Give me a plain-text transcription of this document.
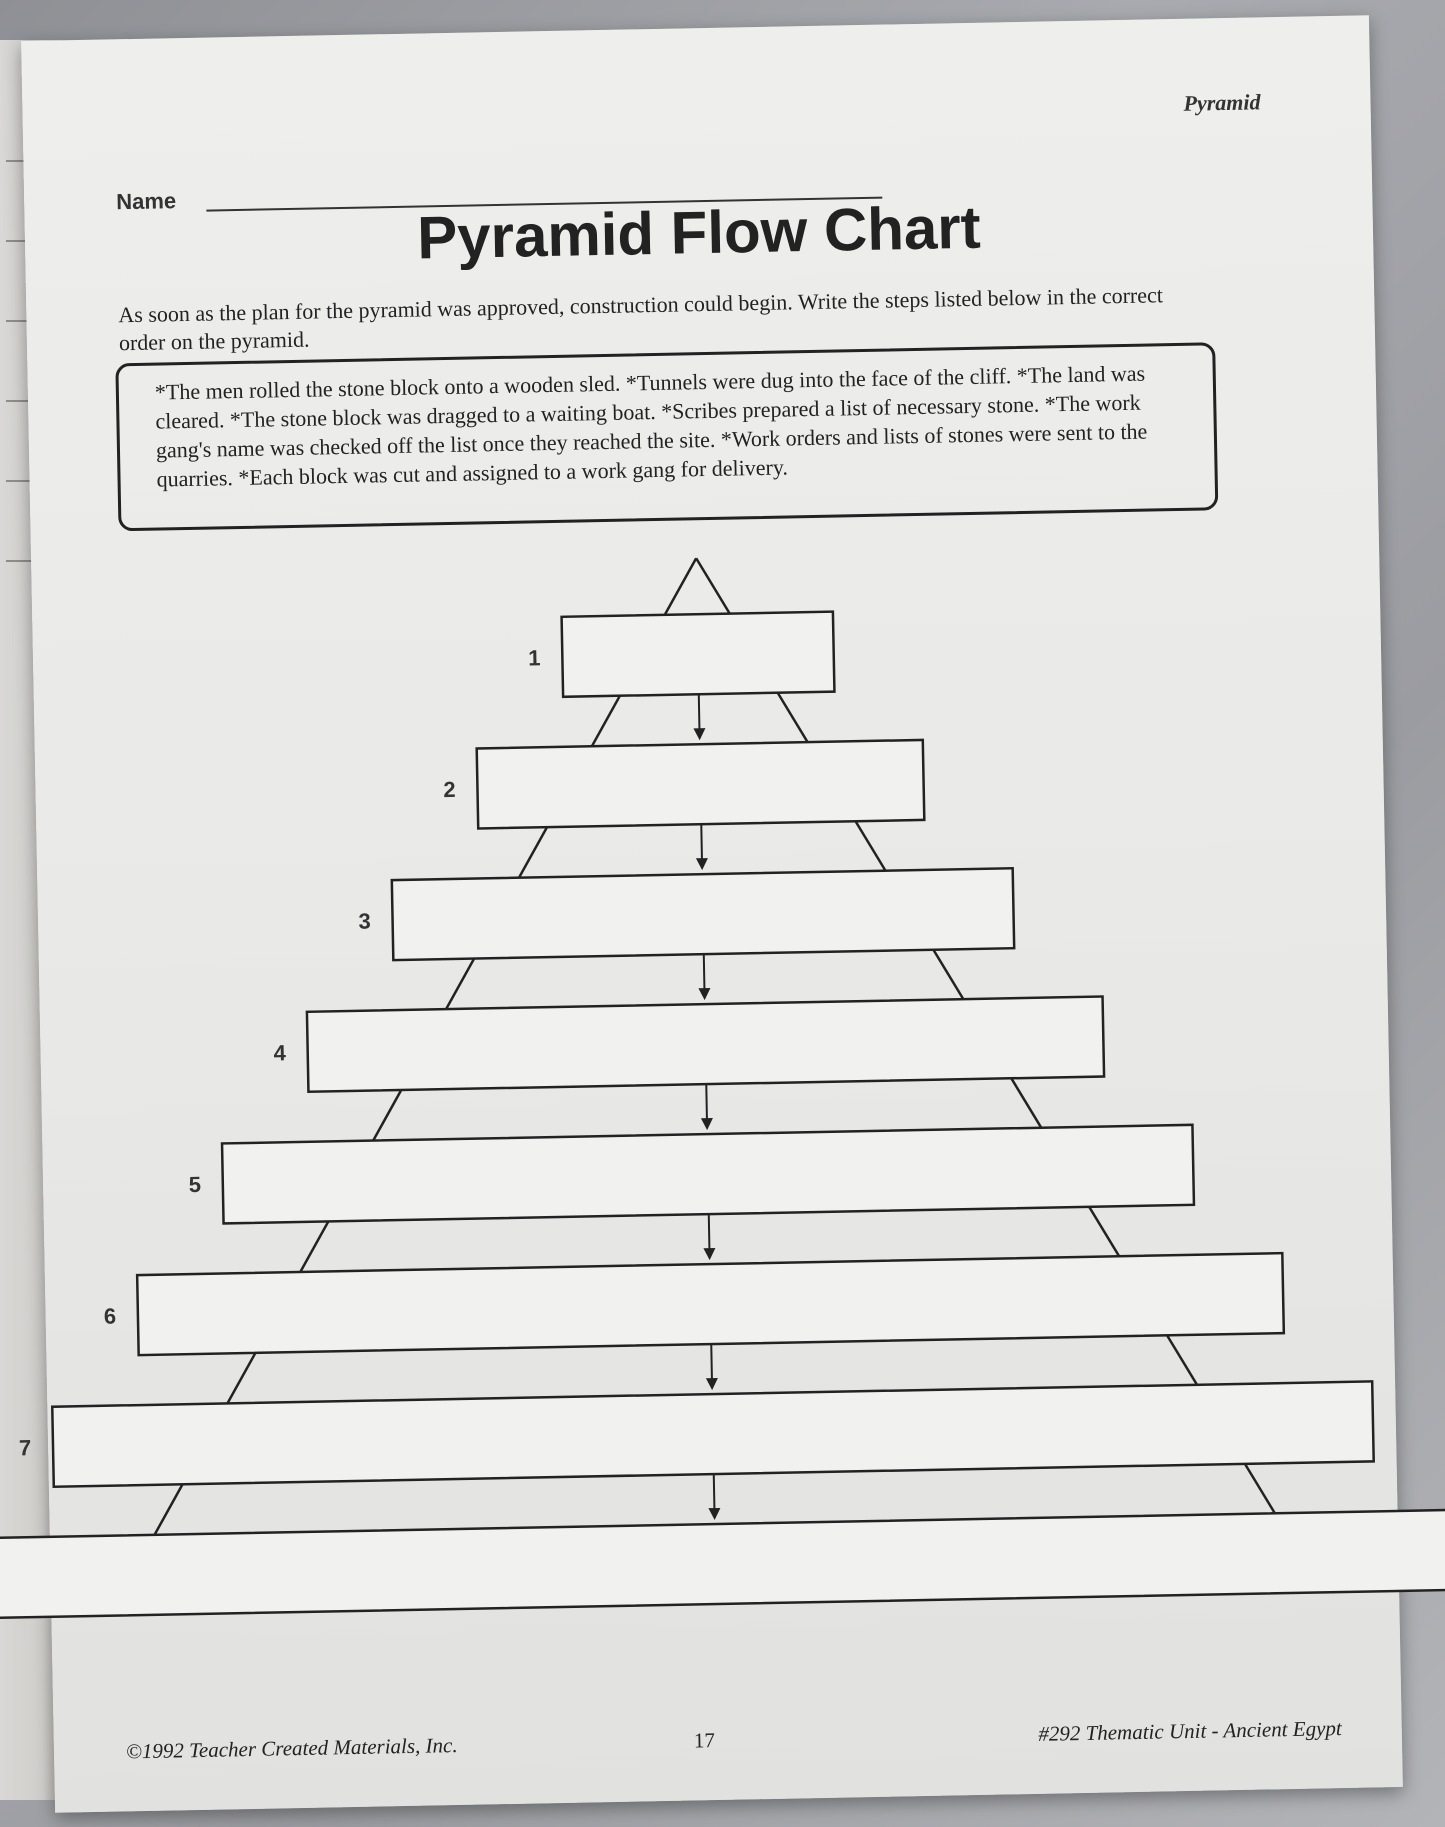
Pyramid
Name	Pyramid Flow Chart
As soon as the plan for the pyramid was approved, construction could begin. Write the steps listed below in the correct order on the pyramid.
*The men rolled the stone block onto a wooden sled. *Tunnels were dug into the face of the cliff. *The land was cleared. *The stone block was dragged to a waiting boat. *Scribes prepared a list of necessary stone. *The work gang's name was checked off the list once they reached the site. *Work orders and lists of stones were sent to the quarries. *Each block was cut and assigned to a work gang for delivery.
1
2
3
4
5
6
7
©1992 Teacher Created Materials, Inc.	17	#292 Thematic Unit - Ancient Egypt
